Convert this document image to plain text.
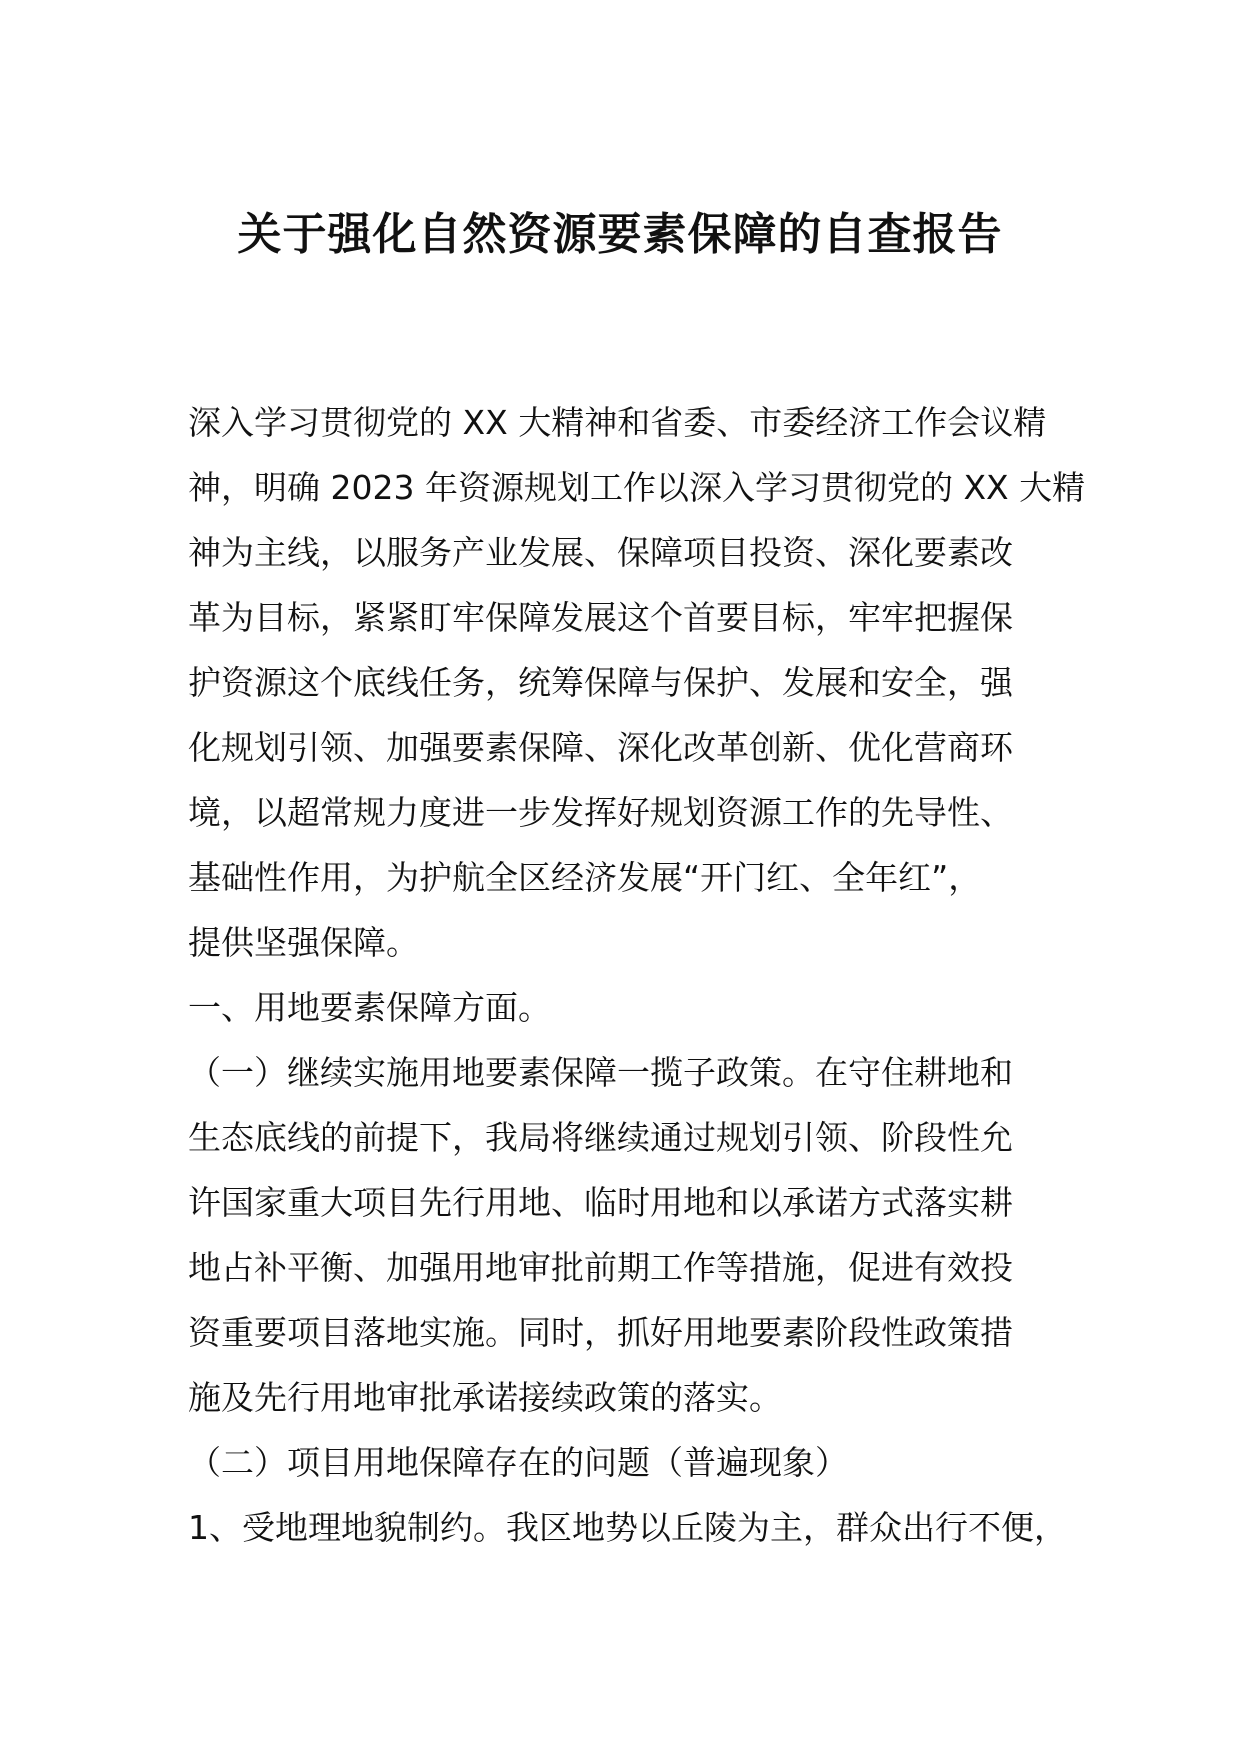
关于强化自然资源要素保障的自查报告
深入学习贯彻党的 XX 大精神和省委、市委经济工作会议精
神，明确 2023 年资源规划工作以深入学习贯彻党的 XX 大精
神为主线，以服务产业发展、保障项目投资、深化要素改
革为目标，紧紧盯牢保障发展这个首要目标，牢牢把握保
护资源这个底线任务，统筹保障与保护、发展和安全，强
化规划引领、加强要素保障、深化改革创新、优化营商环
境，以超常规力度进一步发挥好规划资源工作的先导性、
基础性作用，为护航全区经济发展“开门红、全年红”，
提供坚强保障。
一、用地要素保障方面。
（一）继续实施用地要素保障一揽子政策。在守住耕地和
生态底线的前提下，我局将继续通过规划引领、阶段性允
许国家重大项目先行用地、临时用地和以承诺方式落实耕
地占补平衡、加强用地审批前期工作等措施，促进有效投
资重要项目落地实施。同时，抓好用地要素阶段性政策措
施及先行用地审批承诺接续政策的落实。
（二）项目用地保障存在的问题（普遍现象）
1、受地理地貌制约。我区地势以丘陵为主，群众出行不便，
